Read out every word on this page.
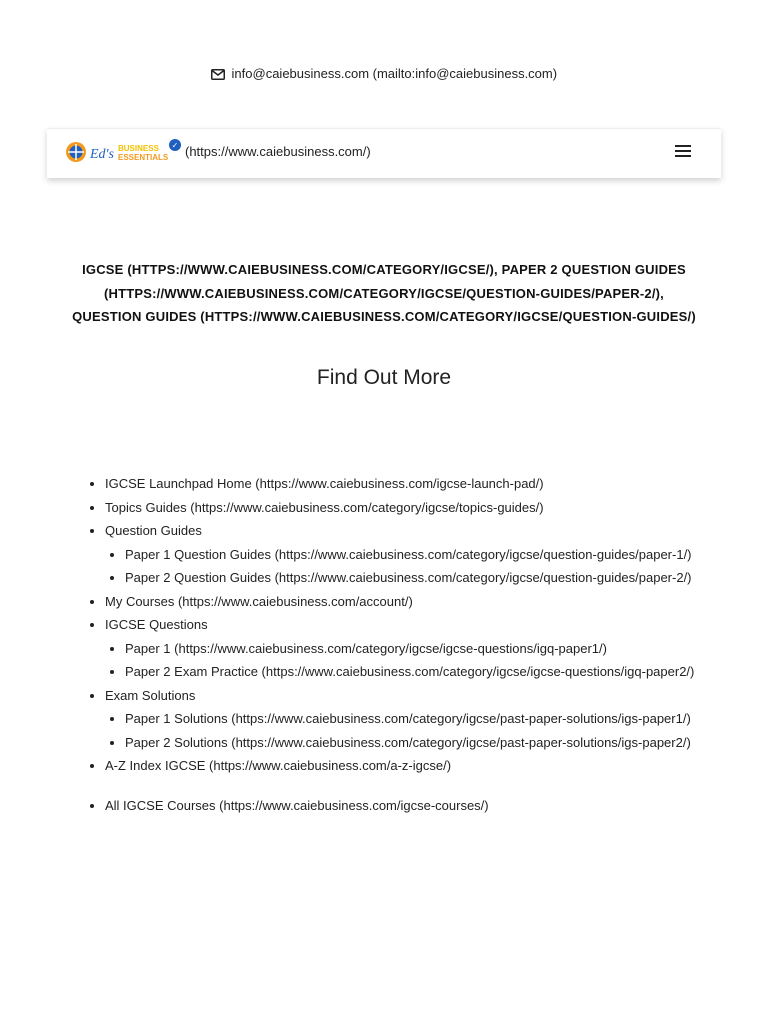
info@caiebusiness.com (mailto:info@caiebusiness.com)
Ed's BUSINESS
ESSENTIALS
✓ (https://www.caiebusiness.com/)
IGCSE (HTTPS://WWW.CAIEBUSINESS.COM/CATEGORY/IGCSE/), PAPER 2 QUESTION GUIDES (HTTPS://WWW.CAIEBUSINESS.COM/CATEGORY/IGCSE/QUESTION-GUIDES/PAPER-2/), QUESTION GUIDES (HTTPS://WWW.CAIEBUSINESS.COM/CATEGORY/IGCSE/QUESTION-GUIDES/)
Find Out More
• IGCSE Launchpad Home (https://www.caiebusiness.com/igcse-launch-pad/)
• Topics Guides (https://www.caiebusiness.com/category/igcse/topics-guides/)
• Question Guides
• Paper 1 Question Guides (https://www.caiebusiness.com/category/igcse/question-guides/paper-1/)
• Paper 2 Question Guides (https://www.caiebusiness.com/category/igcse/question-guides/paper-2/)
• My Courses (https://www.caiebusiness.com/account/)
• IGCSE Questions
• Paper 1 (https://www.caiebusiness.com/category/igcse/igcse-questions/igq-paper1/)
• Paper 2 Exam Practice (https://www.caiebusiness.com/category/igcse/igcse-questions/igq-paper2/)
• Exam Solutions
• Paper 1 Solutions (https://www.caiebusiness.com/category/igcse/past-paper-solutions/igs-paper1/)
• Paper 2 Solutions (https://www.caiebusiness.com/category/igcse/past-paper-solutions/igs-paper2/)
• A-Z Index IGCSE (https://www.caiebusiness.com/a-z-igcse/)
• All IGCSE Courses (https://www.caiebusiness.com/igcse-courses/)
